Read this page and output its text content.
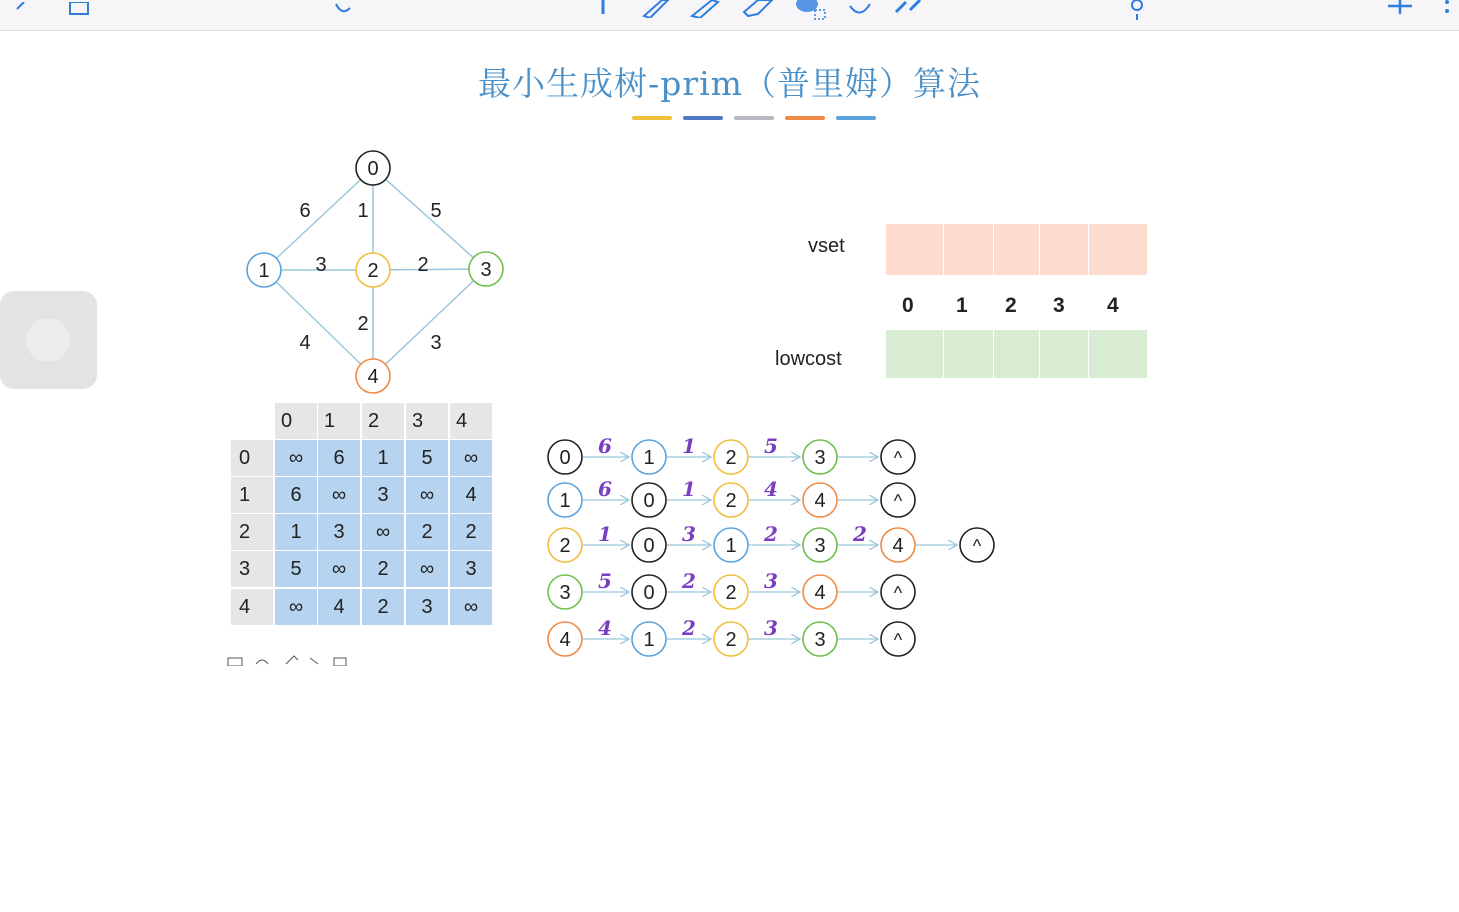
最小生成树-prim（普里姆）算法
6 1	5
3	2
2
4	3
0
1	2	3
4
vset
0 1 2 3 4
lowcost
0	1	2	3	4
0	∞	6	1	5	∞
1	6	∞	3	∞	4
2	1	3	∞	2	2
3	5	∞	2	∞	3
4	∞	4	2	3	∞
6	1	5
0	1	2	3	^
6	1	4
1	0	2	4	^
1	3	2	2
2	0	1	3	4	^
5	2	3
3	0	2	4	^
4	2	3
4	1	2	3	^
